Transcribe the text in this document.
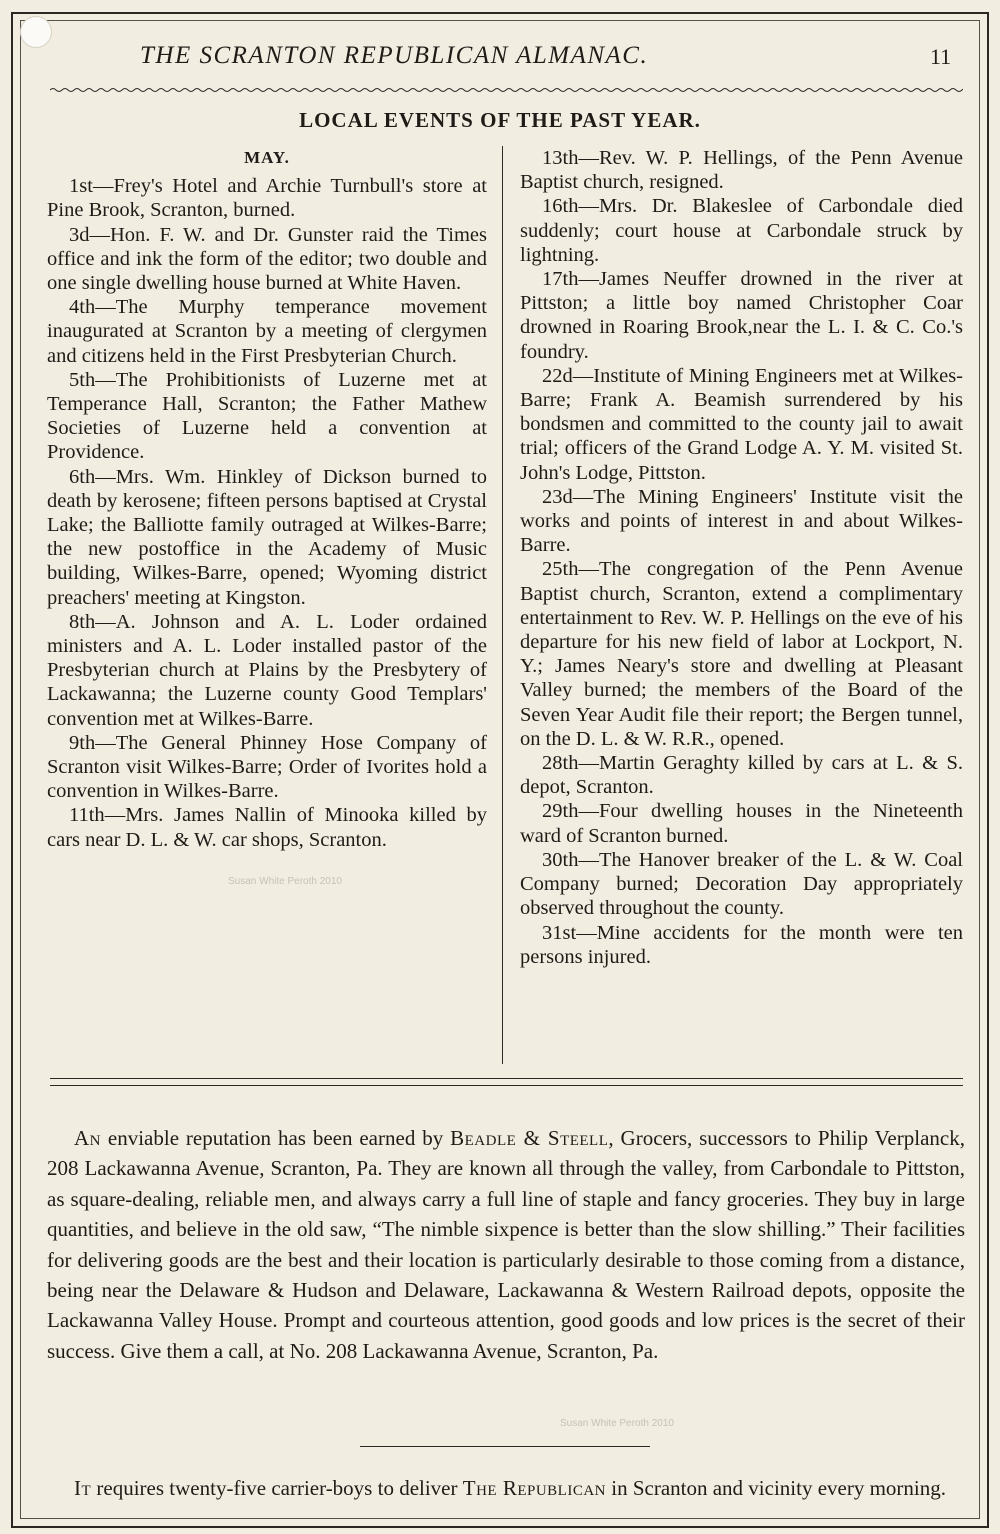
THE SCRANTON REPUBLICAN ALMANAC.	11
LOCAL EVENTS OF THE PAST YEAR.
MAY.

1st—Frey's Hotel and Archie Turnbull's store at Pine Brook, Scranton, burned.

3d—Hon. F. W. and Dr. Gunster raid the Times office and ink the form of the editor; two double and one single dwelling house burned at White Haven.

4th—The Murphy temperance movement inaugurated at Scranton by a meeting of clergymen and citizens held in the First Presbyterian Church.

5th—The Prohibitionists of Luzerne met at Temperance Hall, Scranton; the Father Mathew Societies of Luzerne held a convention at Providence.

6th—Mrs. Wm. Hinkley of Dickson burned to death by kerosene; fifteen persons baptised at Crystal Lake; the Balliotte family outraged at Wilkes-Barre; the new postoffice in the Academy of Music building, Wilkes-Barre, opened; Wyoming district preachers' meeting at Kingston.

8th—A. Johnson and A. L. Loder ordained ministers and A. L. Loder installed pastor of the Presbyterian church at Plains by the Presbytery of Lackawanna; the Luzerne county Good Templars' convention met at Wilkes-Barre.

9th—The General Phinney Hose Company of Scranton visit Wilkes-Barre; Order of Ivorites hold a convention in Wilkes-Barre.

11th—Mrs. James Nallin of Minooka killed by cars near D. L. & W. car shops, Scranton.

13th—Rev. W. P. Hellings, of the Penn Avenue Baptist church, resigned.

16th—Mrs. Dr. Blakeslee of Carbondale died suddenly; court house at Carbondale struck by lightning.

17th—James Neuffer drowned in the river at Pittston; a little boy named Christopher Coar drowned in Roaring Brook,near the L. I. & C. Co.'s foundry.

22d—Institute of Mining Engineers met at Wilkes-Barre; Frank A. Beamish surrendered by his bondsmen and committed to the county jail to await trial; officers of the Grand Lodge A. Y. M. visited St. John's Lodge, Pittston.

23d—The Mining Engineers' Institute visit the works and points of interest in and about Wilkes-Barre.

25th—The congregation of the Penn Avenue Baptist church, Scranton, extend a complimentary entertainment to Rev. W. P. Hellings on the eve of his departure for his new field of labor at Lockport, N. Y.; James Neary's store and dwelling at Pleasant Valley burned; the members of the Board of the Seven Year Audit file their report; the Bergen tunnel, on the D. L. & W. R.R., opened.

28th—Martin Geraghty killed by cars at L. & S. depot, Scranton.

29th—Four dwelling houses in the Nineteenth ward of Scranton burned.

30th—The Hanover breaker of the L. & W. Coal Company burned; Decoration Day appropriately observed throughout the county.

31st—Mine accidents for the month were ten persons injured.

An enviable reputation has been earned by Beadle & Steell, Grocers, successors to Philip Verplanck, 208 Lackawanna Avenue, Scranton, Pa. They are known all through the valley, from Carbondale to Pittston, as square-dealing, reliable men, and always carry a full line of staple and fancy groceries. They buy in large quantities, and believe in the old saw, “The nimble sixpence is better than the slow shilling.” Their facilities for delivering goods are the best and their location is particularly desirable to those coming from a distance, being near the Delaware & Hudson and Delaware, Lackawanna & Western Railroad depots, opposite the Lackawanna Valley House. Prompt and courteous attention, good goods and low prices is the secret of their success. Give them a call, at No. 208 Lackawanna Avenue, Scranton, Pa.

It requires twenty-five carrier-boys to deliver The Republican in Scranton and vicinity every morning.

Susan White Peroth 2010
Susan White Peroth 2010
